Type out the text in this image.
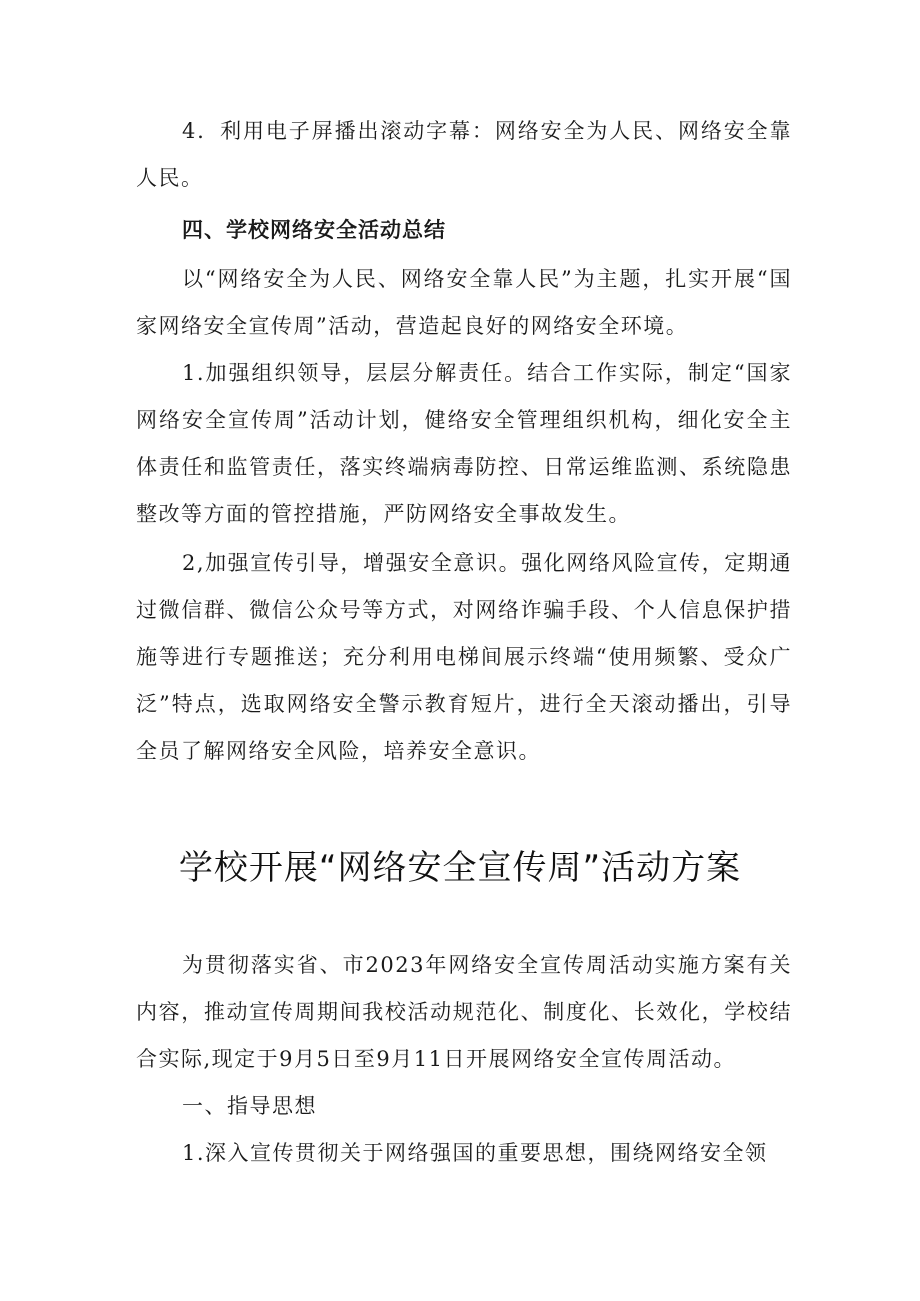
4．利用电子屏播出滚动字幕：网络安全为人民、网络安全靠人民。

四、学校网络安全活动总结

以“网络安全为人民、网络安全靠人民”为主题，扎实开展“国家网络安全宣传周”活动，营造起良好的网络安全环境。

1.加强组织领导，层层分解责任。结合工作实际，制定“国家网络安全宣传周”活动计划，健络安全管理组织机构，细化安全主体责任和监管责任，落实终端病毒防控、日常运维监测、系统隐患整改等方面的管控措施，严防网络安全事故发生。

2,加强宣传引导，增强安全意识。强化网络风险宣传，定期通过微信群、微信公众号等方式，对网络诈骗手段、个人信息保护措施等进行专题推送；充分利用电梯间展示终端“使用频繁、受众广泛”特点，选取网络安全警示教育短片，进行全天滚动播出，引导全员了解网络安全风险，培养安全意识。

学校开展“网络安全宣传周”活动方案

为贯彻落实省、市2023年网络安全宣传周活动实施方案有关内容，推动宣传周期间我校活动规范化、制度化、长效化，学校结合实际,现定于9月5日至9月11日开展网络安全宣传周活动。

一、指导思想

1.深入宣传贯彻关于网络强国的重要思想，围绕网络安全领
